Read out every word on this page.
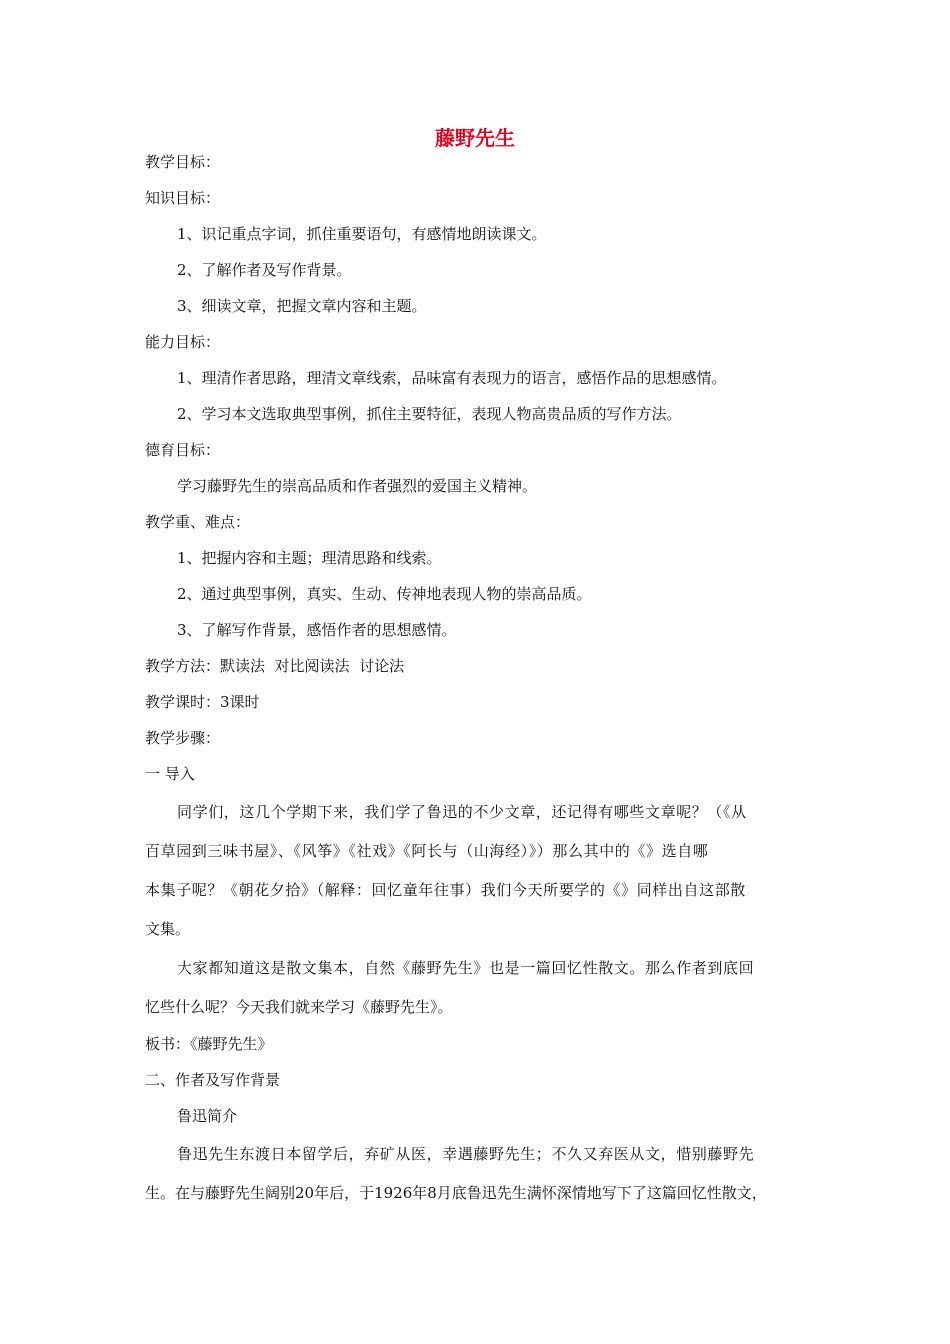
藤野先生
教学目标：
知识目标：
1、识记重点字词，抓住重要语句，有感情地朗读课文。
2、了解作者及写作背景。
3、细读文章，把握文章内容和主题。
能力目标：
1、理清作者思路，理清文章线索，品味富有表现力的语言，感悟作品的思想感情。
2、学习本文选取典型事例，抓住主要特征，表现人物高贵品质的写作方法。
德育目标：
学习藤野先生的崇高品质和作者强烈的爱国主义精神。
教学重、难点：
1、把握内容和主题；理清思路和线索。
2、通过典型事例，真实、生动、传神地表现人物的崇高品质。
3、了解写作背景，感悟作者的思想感情。
教学方法：默读法  对比阅读法  讨论法
教学课时：3课时
教学步骤：
一 导入
同学们，这几个学期下来，我们学了鲁迅的不少文章，还记得有哪些文章呢？（《从
百草园到三味书屋》、《风筝》《社戏》《阿长与（山海经）》）那么其中的《》选自哪
本集子呢？《朝花夕拾》（解释：回忆童年往事）我们今天所要学的《》同样出自这部散
文集。
大家都知道这是散文集本，自然《藤野先生》也是一篇回忆性散文。那么作者到底回
忆些什么呢？今天我们就来学习《藤野先生》。
板书：《藤野先生》
二、作者及写作背景
鲁迅简介
鲁迅先生东渡日本留学后，弃矿从医，幸遇藤野先生；不久又弃医从文，惜别藤野先
生。在与藤野先生阔别20年后，于1926年8月底鲁迅先生满怀深情地写下了这篇回忆性散文，
